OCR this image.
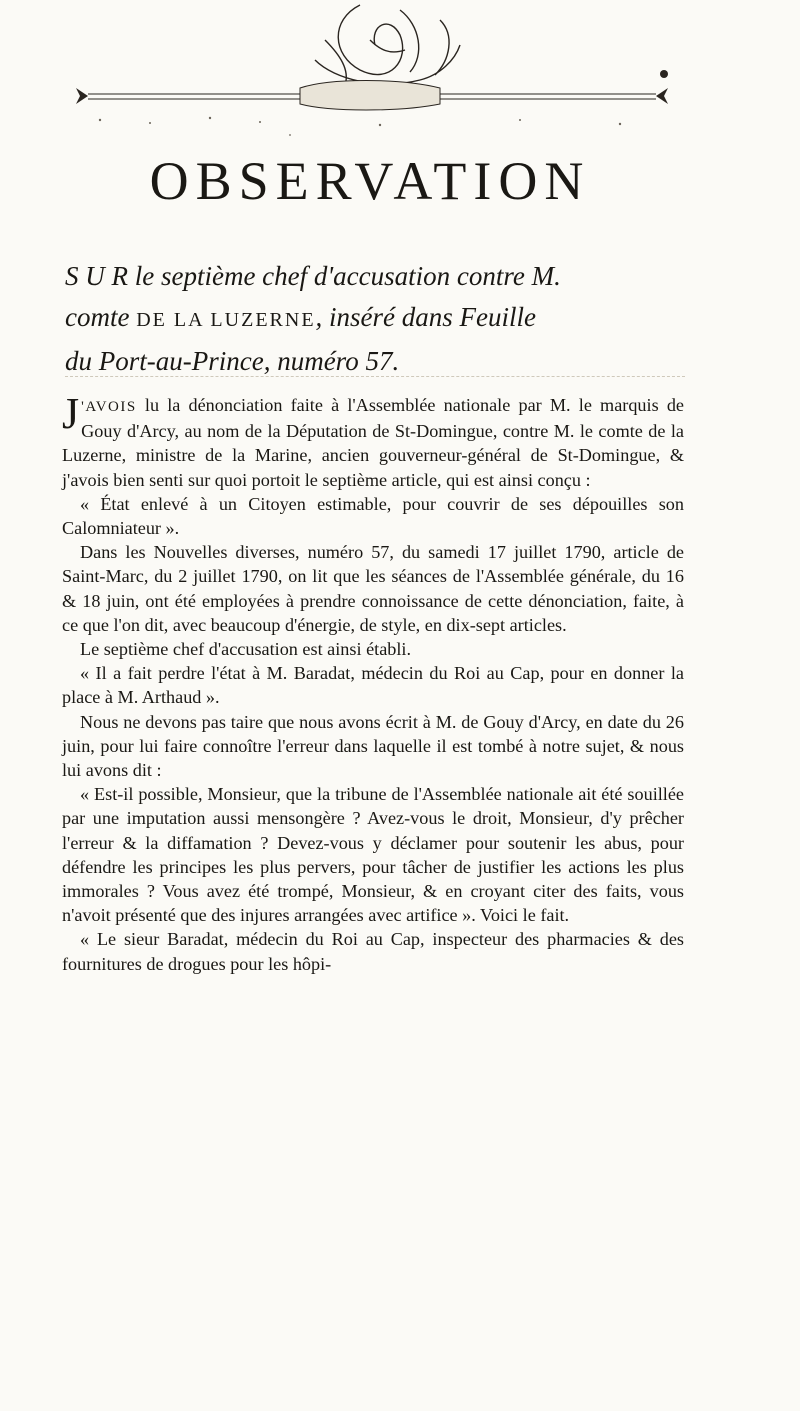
OBSERVATION
S U R le septième chef d'accusation contre M.
comte DE LA LUZERNE, inséré dans Feuille
du Port-au-Prince, numéro 57.

J 'AVOIS lu la dénonciation faite à l'Assemblée nationale par M. le marquis de Gouy d'Arcy, au nom de la Députation de St-Domingue, contre M. le comte de la Luzerne, ministre de la Marine, ancien gouverneur-général de St-Domingue, & j'avois bien senti sur quoi portoit le septième article, qui est ainsi conçu :

« État enlevé à un Citoyen estimable, pour couvrir de ses dépouilles son Calomniateur ».

Dans les Nouvelles diverses, numéro 57, du samedi 17 juillet 1790, article de Saint-Marc, du 2 juillet 1790, on lit que les séances de l'Assemblée générale, du 16 & 18 juin, ont été employées à prendre connoissance de cette dénonciation, faite, à ce que l'on dit, avec beaucoup d'énergie, de style, en dix-sept articles.

Le septième chef d'accusation est ainsi établi.

« Il a fait perdre l'état à M. Baradat, médecin du Roi au Cap, pour en donner la place à M. Arthaud ».

Nous ne devons pas taire que nous avons écrit à M. de Gouy d'Arcy, en date du 26 juin, pour lui faire connoître l'erreur dans laquelle il est tombé à notre sujet, & nous lui avons dit :

« Est-il possible, Monsieur, que la tribune de l'Assemblée nationale ait été souillée par une imputation aussi mensongère ? Avez-vous le droit, Monsieur, d'y prêcher l'erreur & la diffamation ? Devez-vous y déclamer pour soutenir les abus, pour défendre les principes les plus pervers, pour tâcher de justifier les actions les plus immorales ? Vous avez été trompé, Monsieur, & en croyant citer des faits, vous n'avoit présenté que des injures arrangées avec artifice ». Voici le fait.

« Le sieur Baradat, médecin du Roi au Cap, inspecteur des pharmacies & des fournitures de drogues pour les hôpi-
